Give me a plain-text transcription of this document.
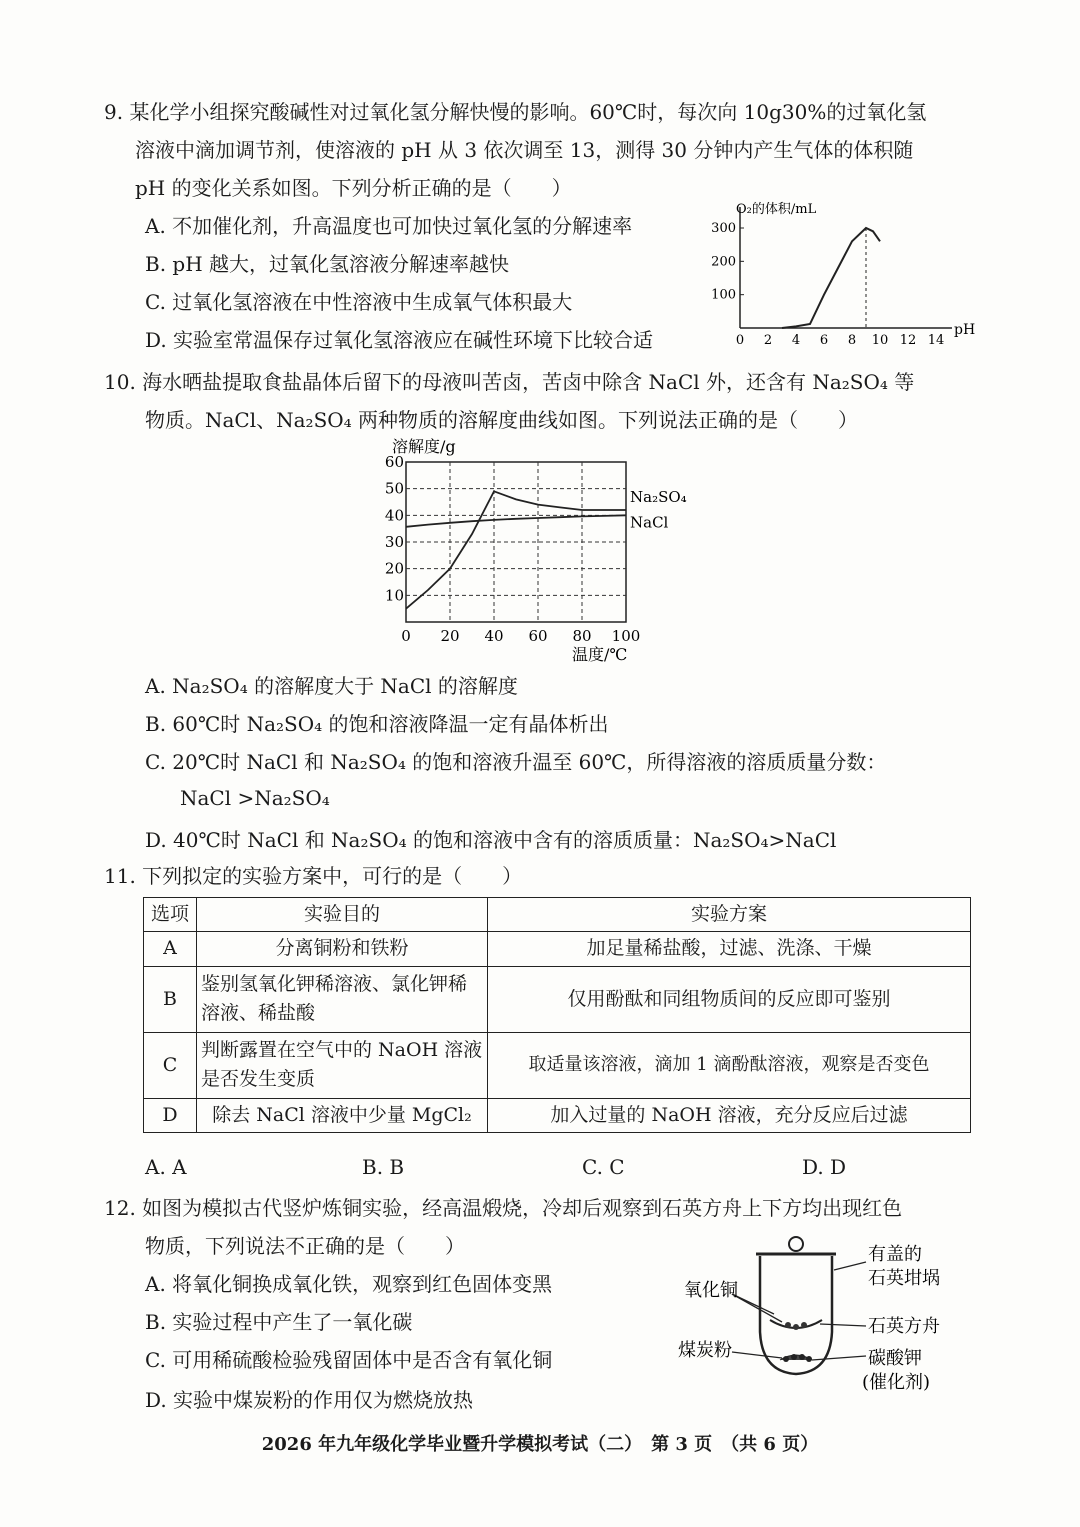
9. 某化学小组探究酸碱性对过氧化氢分解快慢的影响。60℃时，每次向 10g30%的过氧化氢
溶液中滴加调节剂，使溶液的 pH 从 3 依次调至 13，测得 30 分钟内产生气体的体积随
pH 的变化关系如图。下列分析正确的是（　　）
A. 不加催化剂，升高温度也可加快过氧化氢的分解速率
B. pH 越大，过氧化氢溶液分解速率越快
C. 过氧化氢溶液在中性溶液中生成氧气体积最大
D. 实验室常温保存过氧化氢溶液应在碱性环境下比较合适
O₂的体积/mL
pH
0 2 4 6 8 10 12 14
100
200
300
10. 海水晒盐提取食盐晶体后留下的母液叫苦卤，苦卤中除含 NaCl 外，还含有 Na₂SO₄ 等
物质。NaCl、Na₂SO₄ 两种物质的溶解度曲线如图。下列说法正确的是（　　）
10
20
30
40
50
60
0 20 40 60 80 100
溶解度/g
温度/℃
Na₂SO₄
NaCl
A. Na₂SO₄ 的溶解度大于 NaCl 的溶解度
B. 60℃时 Na₂SO₄ 的饱和溶液降温一定有晶体析出
C. 20℃时 NaCl 和 Na₂SO₄ 的饱和溶液升温至 60℃，所得溶液的溶质质量分数：
NaCl >Na₂SO₄
D. 40℃时 NaCl 和 Na₂SO₄ 的饱和溶液中含有的溶质质量：Na₂SO₄>NaCl
11. 下列拟定的实验方案中，可行的是（　　）
选项	实验目的	实验方案
A	分离铜粉和铁粉	加足量稀盐酸，过滤、洗涤、干燥
B	鉴别氢氧化钾稀溶液、氯化钾稀溶液、稀盐酸	仅用酚酞和同组物质间的反应即可鉴别
C	判断露置在空气中的 NaOH 溶液是否发生变质	取适量该溶液，滴加 1 滴酚酞溶液，观察是否变色
D	除去 NaCl 溶液中少量 MgCl₂	加入过量的 NaOH 溶液，充分反应后过滤
A. A	B. B	C. C	D. D
12. 如图为模拟古代竖炉炼铜实验，经高温煅烧，冷却后观察到石英方舟上下方均出现红色
物质，下列说法不正确的是（　　）
A. 将氧化铜换成氧化铁，观察到红色固体变黑
B. 实验过程中产生了一氧化碳
C. 可用稀硫酸检验残留固体中是否含有氧化铜
D. 实验中煤炭粉的作用仅为燃烧放热
氧化铜
煤炭粉
有盖的
石英坩埚
石英方舟
碳酸钾
(催化剂)
2026 年九年级化学毕业暨升学模拟考试（二）　第 3 页　（共 6 页）
